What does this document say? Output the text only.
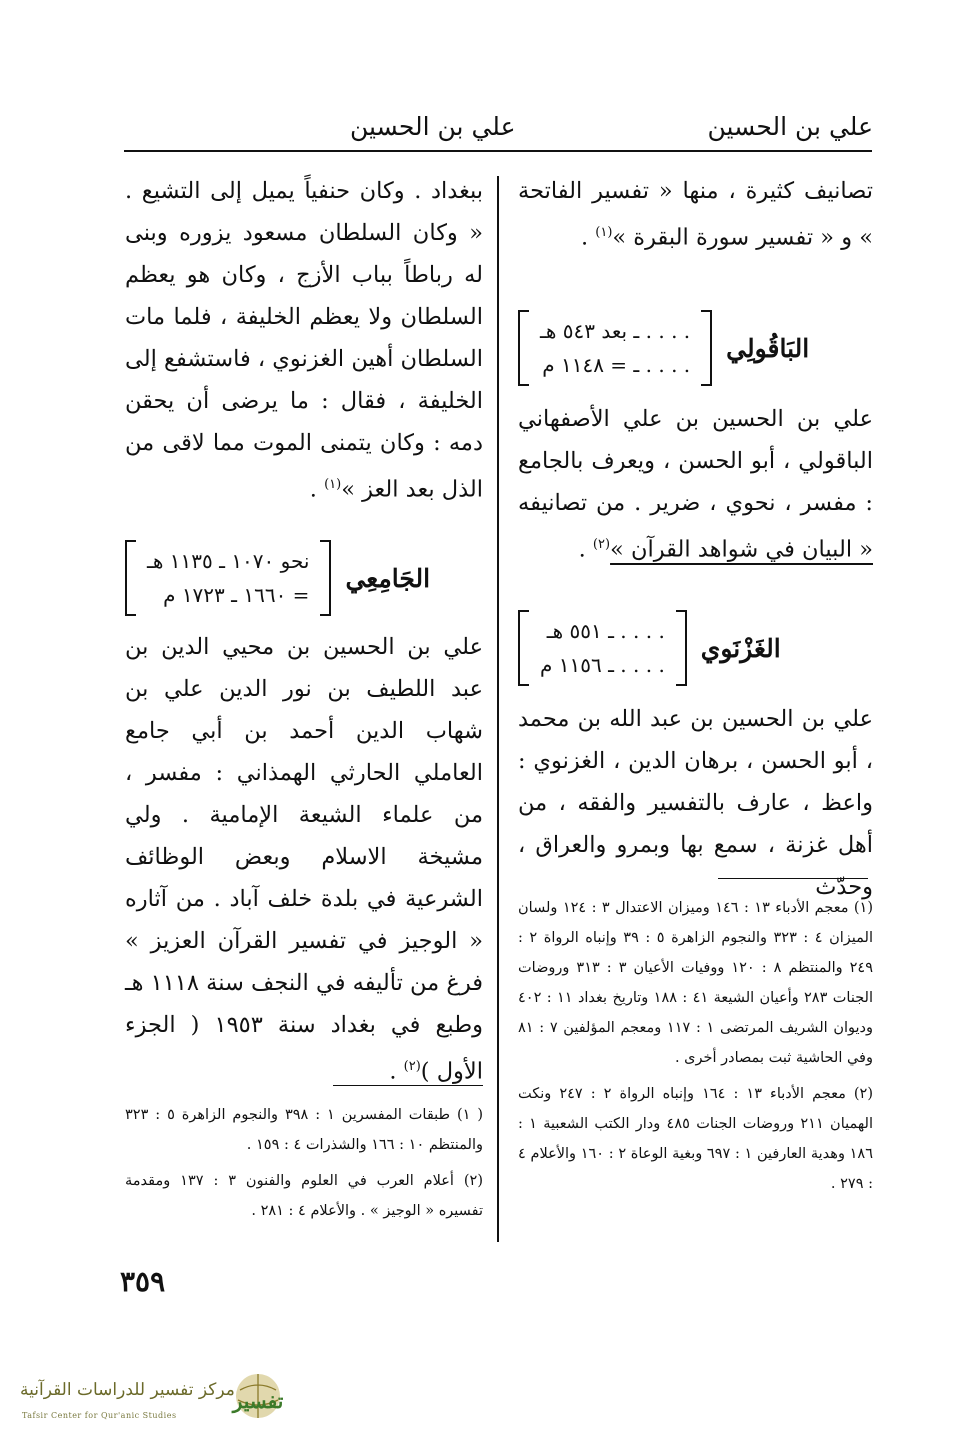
علي بن الحسين
علي بن الحسين

تصانيف كثيرة ، منها « تفسير الفاتحة » و « تفسير سورة البقرة »$^{(١)}$ .

البَاقُولِي
. . . . ـ بعد ٥٤٣ هـ
. . . . ـ = ١١٤٨ م

علي بن الحسين بن علي الأصفهاني الباقولي ، أبو الحسن ، ويعرف بالجامع : مفسر ، نحوي ، ضرير . من تصانيفه « البيان في شواهد القرآن »$^{(٢)}$ .

الغَزْنَوي
. . . . ـ ٥٥١ هـ
. . . . ـ ١١٥٦ م

علي بن الحسين بن عبد الله بن محمد ، أبو الحسن ، برهان الدين ، الغزنوي : واعظ ، عارف بالتفسير والفقه ، من أهل غزنة ، سمع بها وبمرو والعراق ، وحدّث

(١) معجم الأدباء ١٣ : ١٤٦ وميزان الاعتدال ٣ : ١٢٤ ولسان الميزان ٤ : ٣٢٣ والنجوم الزاهرة ٥ : ٣٩ وإنباه الرواة ٢ : ٢٤٩ والمنتظم ٨ : ١٢٠ ووفيات الأعيان ٣ : ٣١٣ وروضات الجنات ٢٨٣ وأعيان الشيعة ٤١ : ١٨٨ وتاريخ بغداد ١١ : ٤٠٢ وديوان الشريف المرتضى ١ : ١١٧ ومعجم المؤلفين ٧ : ٨١ وفي الحاشية ثبت بمصادر أخرى .

(٢) معجم الأدباء ١٣ : ١٦٤ وإنباه الرواة ٢ : ٢٤٧ ونكت الهميان ٢١١ وروضات الجنات ٤٨٥ ودار الكتب الشعبية ١ : ١٨٦ وهدية العارفين ١ : ٦٩٧ وبغية الوعاة ٢ : ١٦٠ والأعلام ٤ : ٢٧٩ .

ببغداد . وكان حنفياً يميل إلى التشيع . « وكان السلطان مسعود يزوره وبنى له رباطاً بباب الأزج ، وكان هو يعظم السلطان ولا يعظم الخليفة ، فلما مات السلطان أهين الغزنوي ، فاستشفع إلى الخليفة ، فقال : ما يرضى أن يحقن دمه : وكان يتمنى الموت مما لاقى من الذل بعد العز »$^{(١)}$ .

الجَامِعِي
نحو ١٠٧٠ ـ ١١٣٥ هـ
= ١٦٦٠ ـ ١٧٢٣ م

علي بن الحسين بن محيي الدين بن عبد اللطيف بن نور الدين علي بن شهاب الدين أحمد بن أبي جامع العاملي الحارثي الهمذاني : مفسر ، من علماء الشيعة الإمامية . ولي مشيخة الاسلام وبعض الوظائف الشرعية في بلدة خلف آباد . من آثاره « الوجيز في تفسير القرآن العزيز » فرغ من تأليفه في النجف سنة ١١١٨ هـ وطبع في بغداد سنة ١٩٥٣ ( الجزء الأول )$^{(٢)}$ .

( ١) طبقات المفسرين ١ : ٣٩٨ والنجوم الزاهرة ٥ : ٣٢٣ والمنتظم ١٠ : ١٦٦ والشذرات ٤ : ١٥٩ .

(٢) أعلام العرب في العلوم والفنون ٣ : ١٣٧ ومقدمة تفسيره « الوجيز » . والأعلام ٤ : ٢٨١ .

٣٥٩
تفسير
مركز تفسير للدراسات القرآنية
Tafsir Center for Qur'anic Studies
